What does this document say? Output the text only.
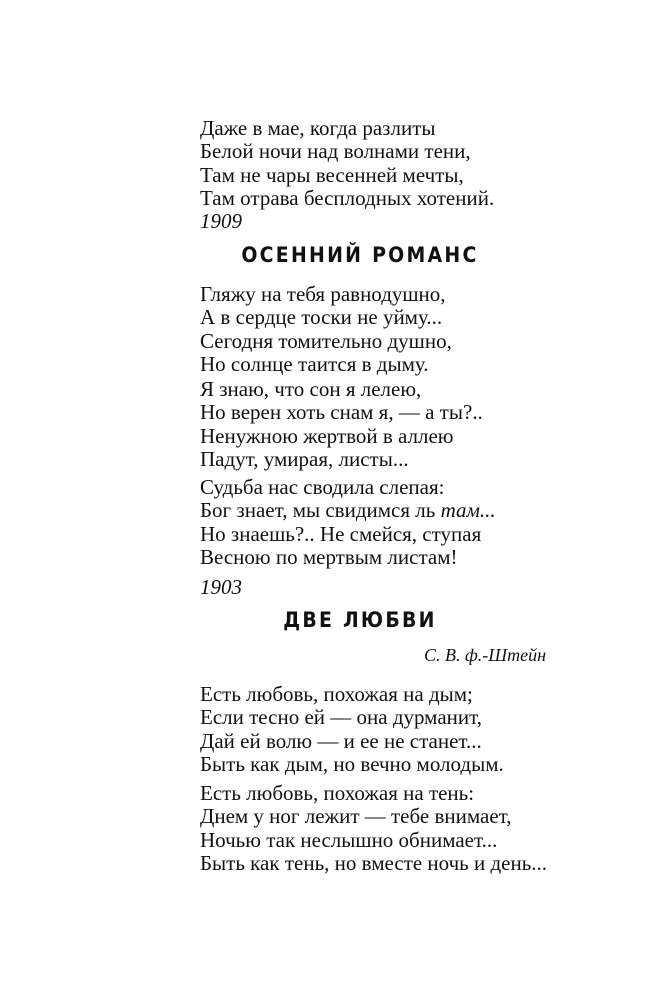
Даже в мае, когда разлиты
Белой ночи над волнами тени,
Там не чары весенней мечты,
Там отрава бесплодных хотений.
1909
ОСЕННИЙ РОМАНС
Гляжу на тебя равнодушно,
А в сердце тоски не уйму...
Сегодня томительно душно,
Но солнце таится в дыму.
Я знаю, что сон я лелею,
Но верен хоть снам я, — а ты?..
Ненужною жертвой в аллею
Падут, умирая, листы...
Судьба нас сводила слепая:
Бог знает, мы свидимся ль там...
Но знаешь?.. Не смейся, ступая
Весною по мертвым листам!
1903
ДВЕ ЛЮБВИ
С. В. ф.-Штейн
Есть любовь, похожая на дым;
Если тесно ей — она дурманит,
Дай ей волю — и ее не станет...
Быть как дым, но вечно молодым.
Есть любовь, похожая на тень:
Днем у ног лежит — тебе внимает,
Ночью так неслышно обнимает...
Быть как тень, но вместе ночь и день...
